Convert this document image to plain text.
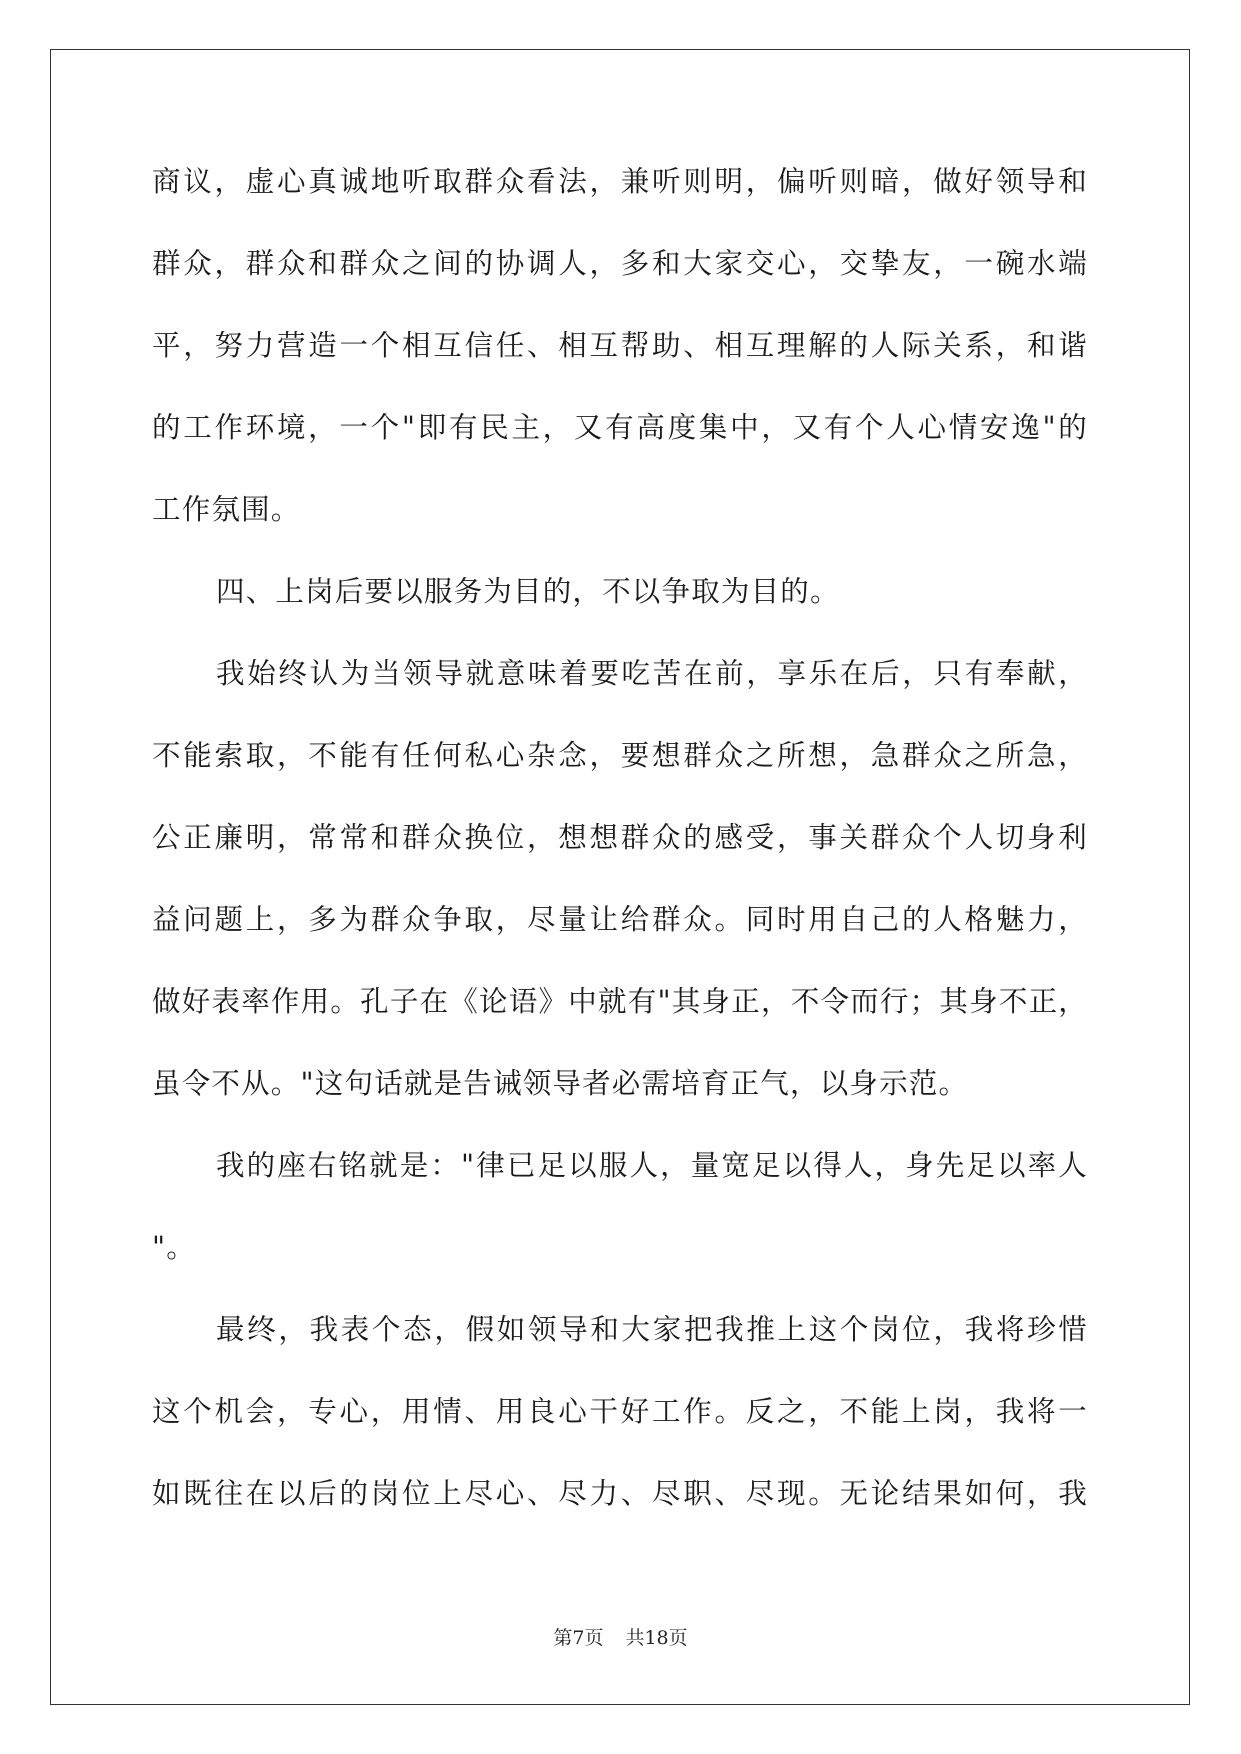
商议，虚心真诚地听取群众看法，兼听则明，偏听则暗，做好领导和
群众，群众和群众之间的协调人，多和大家交心，交挚友，一碗水端
平，努力营造一个相互信任、相互帮助、相互理解的人际关系，和谐
的工作环境，一个"即有民主，又有高度集中，又有个人心情安逸"的
工作氛围。
四、上岗后要以服务为目的，不以争取为目的。
我始终认为当领导就意味着要吃苦在前，享乐在后，只有奉献，
不能索取，不能有任何私心杂念，要想群众之所想，急群众之所急，
公正廉明，常常和群众换位，想想群众的感受，事关群众个人切身利
益问题上，多为群众争取，尽量让给群众。同时用自己的人格魅力，
做好表率作用。孔子在《论语》中就有"其身正，不令而行；其身不正，
虽令不从。"这句话就是告诫领导者必需培育正气，以身示范。
我的座右铭就是："律已足以服人，量宽足以得人，身先足以率人
"。
最终，我表个态，假如领导和大家把我推上这个岗位，我将珍惜
这个机会，专心，用情、用良心干好工作。反之，不能上岗，我将一
如既往在以后的岗位上尽心、尽力、尽职、尽现。无论结果如何，我
第7页 共18页
